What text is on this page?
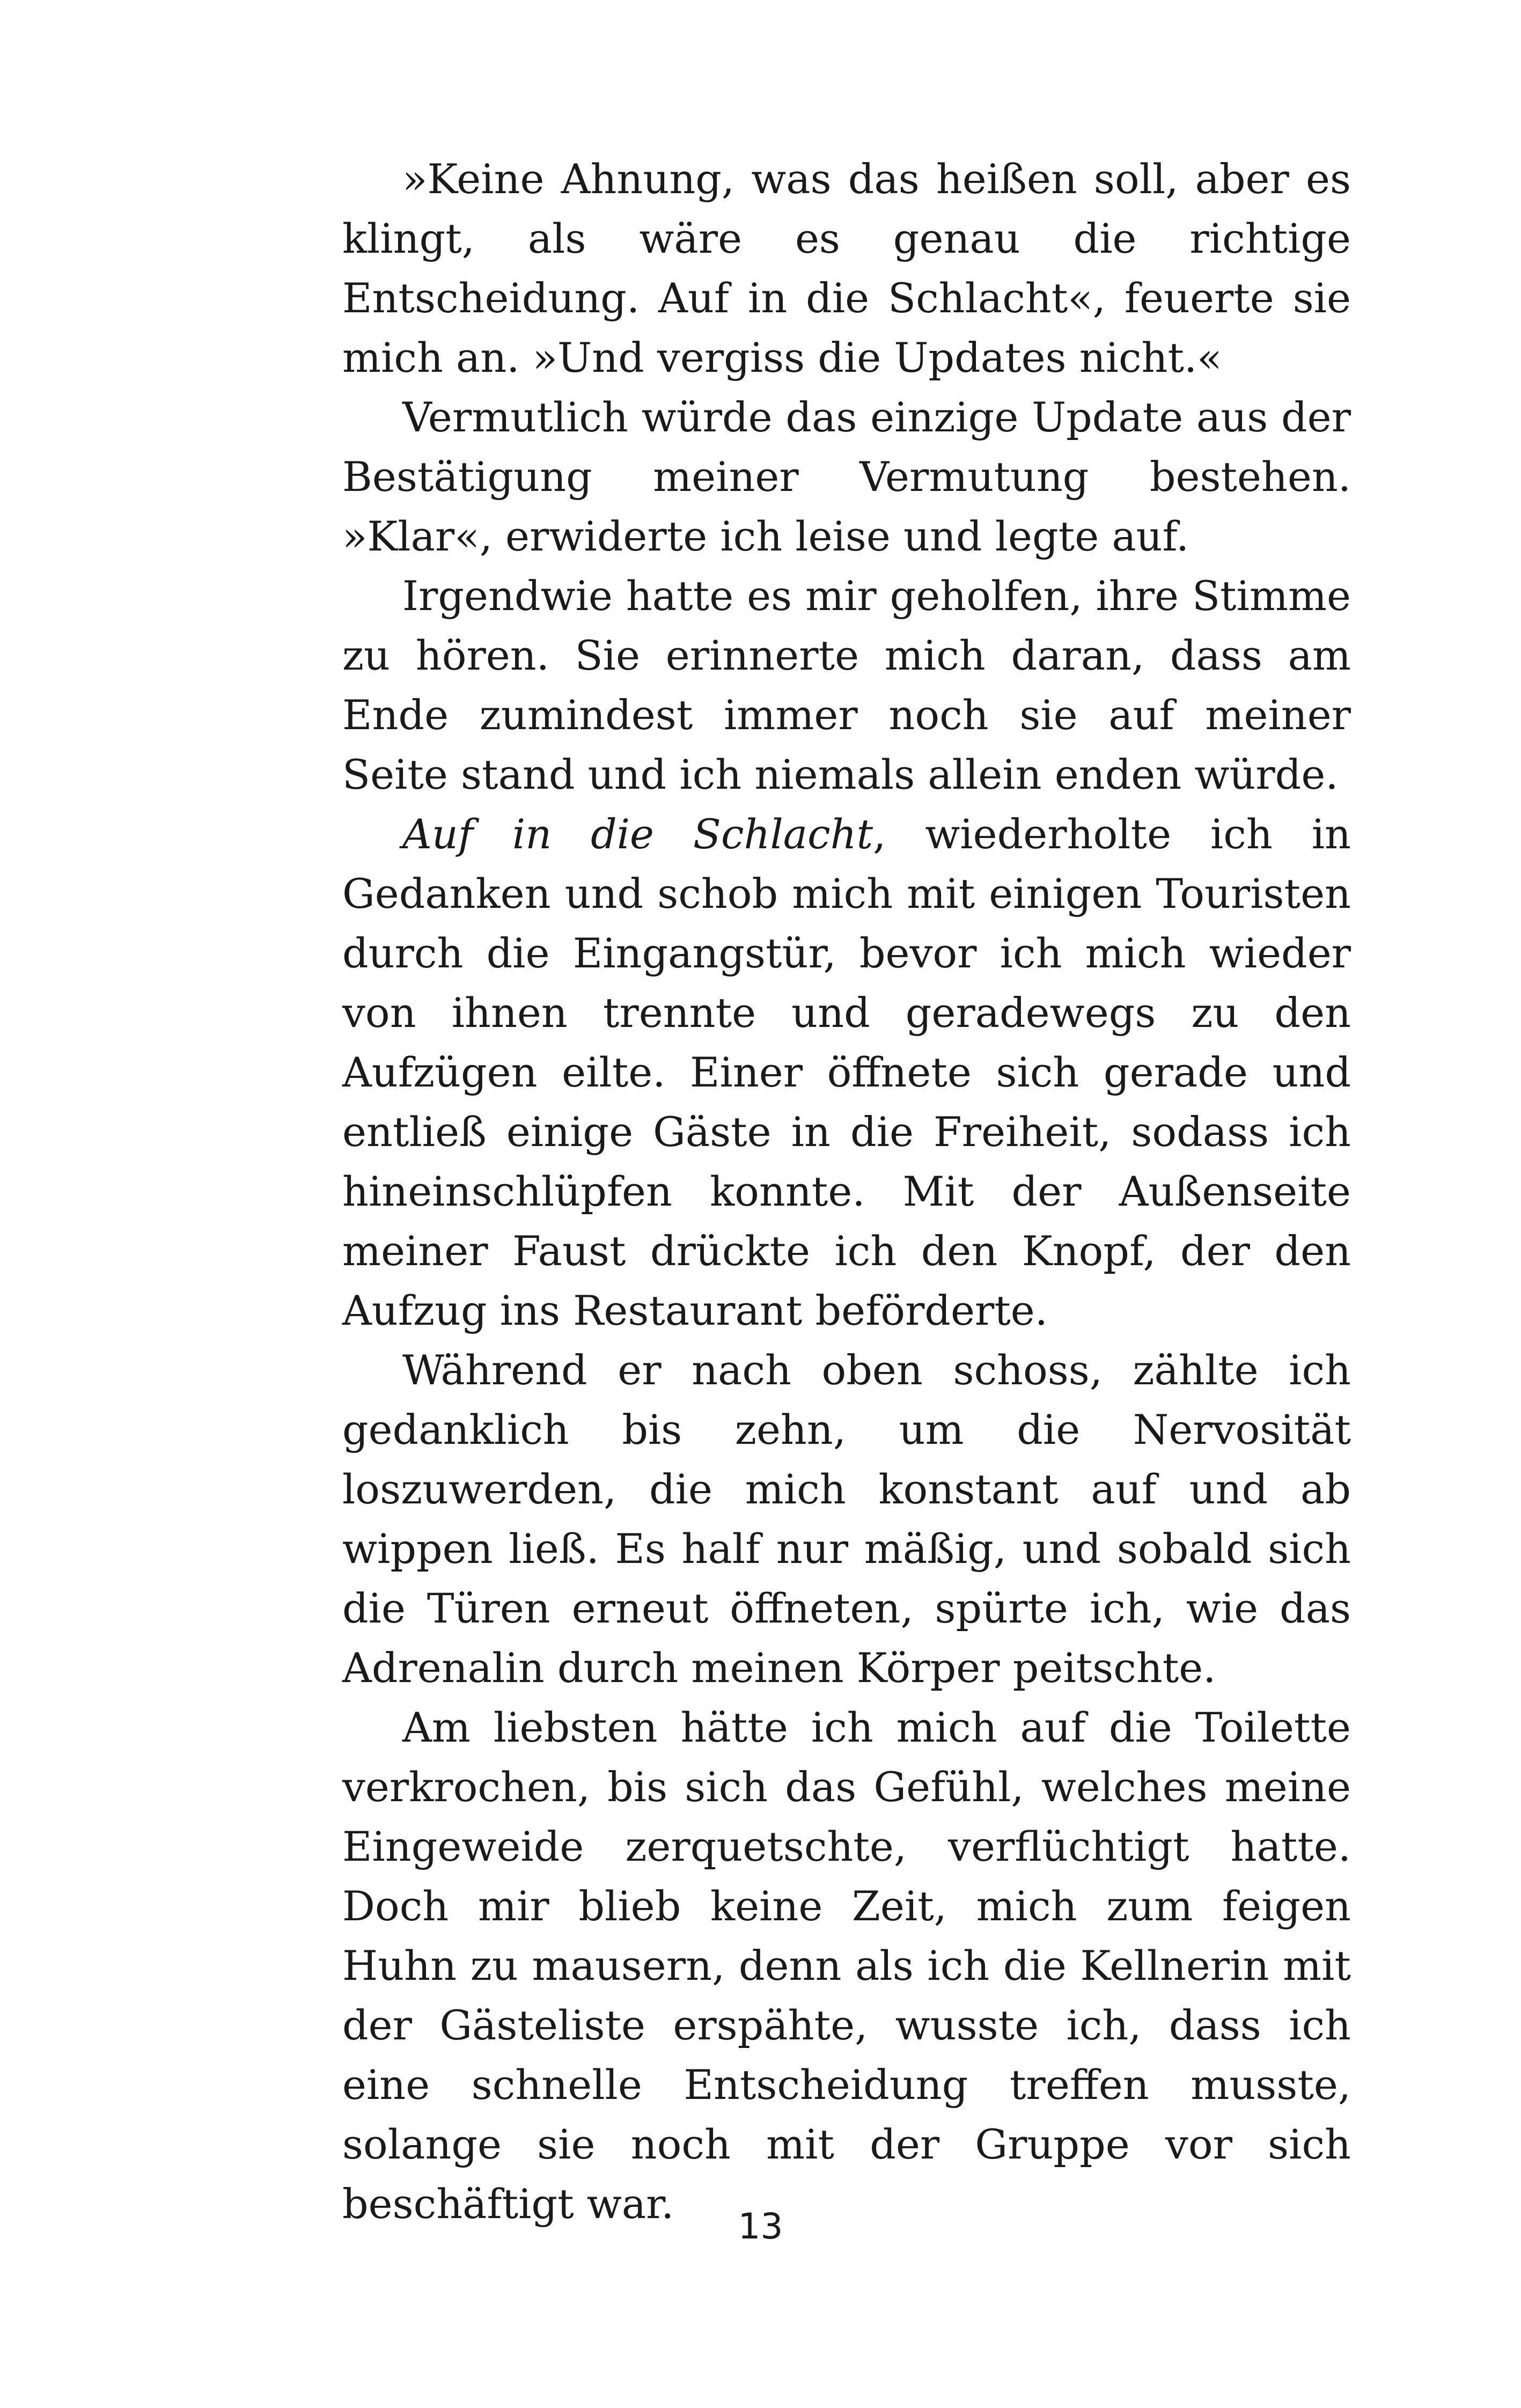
»Keine Ahnung, was das heißen soll, aber es klingt, als wäre es genau die richtige Entscheidung. Auf in die Schlacht«, feuerte sie mich an. »Und vergiss die Updates nicht.«

Vermutlich würde das einzige Update aus der Bestätigung meiner Vermutung bestehen. »Klar«, erwiderte ich leise und legte auf.

Irgendwie hatte es mir geholfen, ihre Stimme zu hören. Sie erinnerte mich daran, dass am Ende zumindest immer noch sie auf meiner Seite stand und ich niemals allein enden würde.

Auf in die Schlacht, wiederholte ich in Gedanken und schob mich mit einigen Touristen durch die Eingangstür, bevor ich mich wieder von ihnen trennte und geradewegs zu den Aufzügen eilte. Einer öffnete sich gerade und entließ einige Gäste in die Freiheit, sodass ich hineinschlüpfen konnte. Mit der Außenseite meiner Faust drückte ich den Knopf, der den Aufzug ins Restaurant beförderte.

Während er nach oben schoss, zählte ich gedanklich bis zehn, um die Nervosität loszuwerden, die mich konstant auf und ab wippen ließ. Es half nur mäßig, und sobald sich die Türen erneut öffneten, spürte ich, wie das Adrenalin durch meinen Körper peitschte.

Am liebsten hätte ich mich auf die Toilette verkrochen, bis sich das Gefühl, welches meine Eingeweide zerquetschte, verflüchtigt hatte. Doch mir blieb keine Zeit, mich zum feigen Huhn zu mausern, denn als ich die Kellnerin mit der Gästeliste erspähte, wusste ich, dass ich eine schnelle Entscheidung treffen musste, solange sie noch mit der Gruppe vor sich beschäftigt war.	13
